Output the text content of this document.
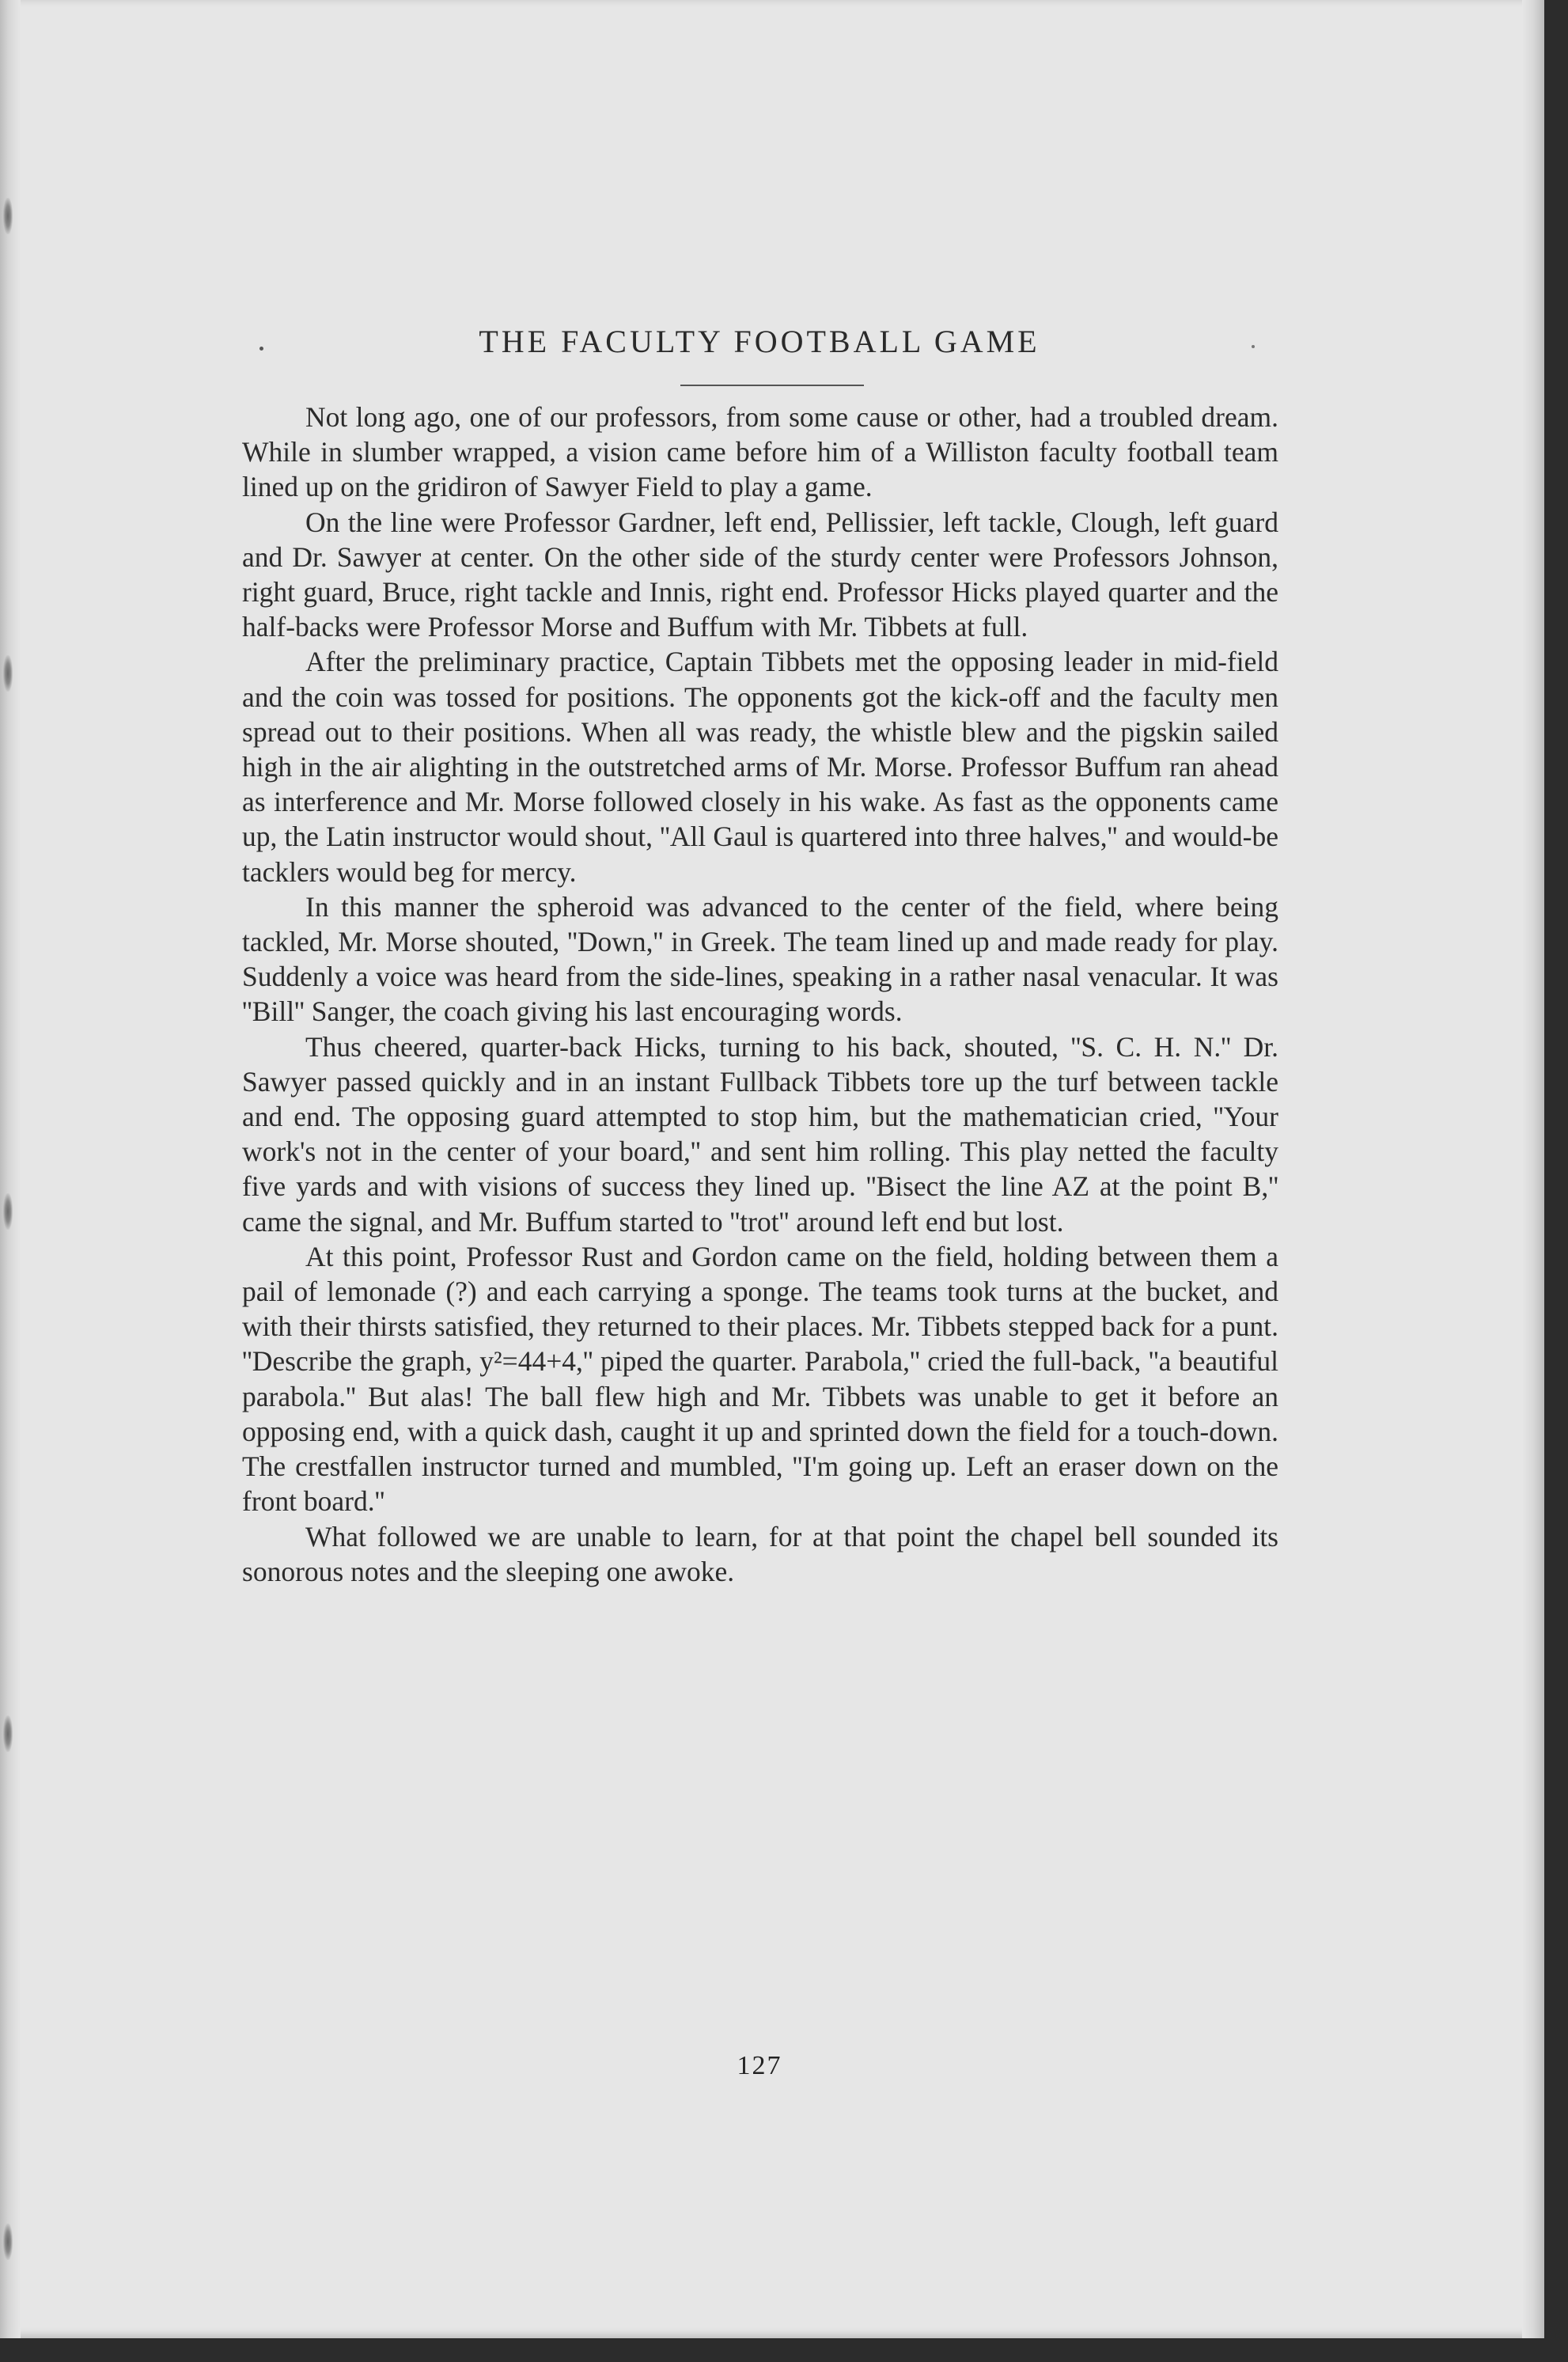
THE FACULTY FOOTBALL GAME

Not long ago, one of our professors, from some cause or other, had a troubled dream. While in slumber wrapped, a vision came before him of a Williston faculty football team lined up on the gridiron of Sawyer Field to play a game.

On the line were Professor Gardner, left end, Pellissier, left tackle, Clough, left guard and Dr. Sawyer at center. On the other side of the sturdy center were Professors Johnson, right guard, Bruce, right tackle and Innis, right end. Professor Hicks played quarter and the half-backs were Professor Morse and Buffum with Mr. Tibbets at full.

After the preliminary practice, Captain Tibbets met the opposing leader in mid-field and the coin was tossed for positions. The opponents got the kick-off and the faculty men spread out to their positions. When all was ready, the whistle blew and the pigskin sailed high in the air alighting in the outstretched arms of Mr. Morse. Professor Buffum ran ahead as interference and Mr. Morse followed closely in his wake. As fast as the opponents came up, the Latin instructor would shout, ''All Gaul is quartered into three halves,'' and would-be tacklers would beg for mercy.

In this manner the spheroid was advanced to the center of the field, where being tackled, Mr. Morse shouted, ''Down,'' in Greek. The team lined up and made ready for play. Suddenly a voice was heard from the side-lines, speaking in a rather nasal venacular. It was ''Bill'' Sanger, the coach giving his last encouraging words.

Thus cheered, quarter-back Hicks, turning to his back, shouted, ''S. C. H. N.'' Dr. Sawyer passed quickly and in an instant Fullback Tibbets tore up the turf between tackle and end. The opposing guard attempted to stop him, but the mathematician cried, ''Your work's not in the center of your board,'' and sent him rolling. This play netted the faculty five yards and with visions of success they lined up. ''Bisect the line AZ at the point B,'' came the signal, and Mr. Buffum started to ''trot'' around left end but lost.

At this point, Professor Rust and Gordon came on the field, holding between them a pail of lemonade (?) and each carrying a sponge. The teams took turns at the bucket, and with their thirsts satisfied, they returned to their places. Mr. Tibbets stepped back for a punt. ''Describe the graph, y²=44+4,'' piped the quarter. Parabola,'' cried the full-back, ''a beautiful parabola.'' But alas! The ball flew high and Mr. Tibbets was unable to get it before an opposing end, with a quick dash, caught it up and sprinted down the field for a touch-down. The crestfallen instructor turned and mumbled, ''I'm going up. Left an eraser down on the front board.''

What followed we are unable to learn, for at that point the chapel bell sounded its sonorous notes and the sleeping one awoke.

127
